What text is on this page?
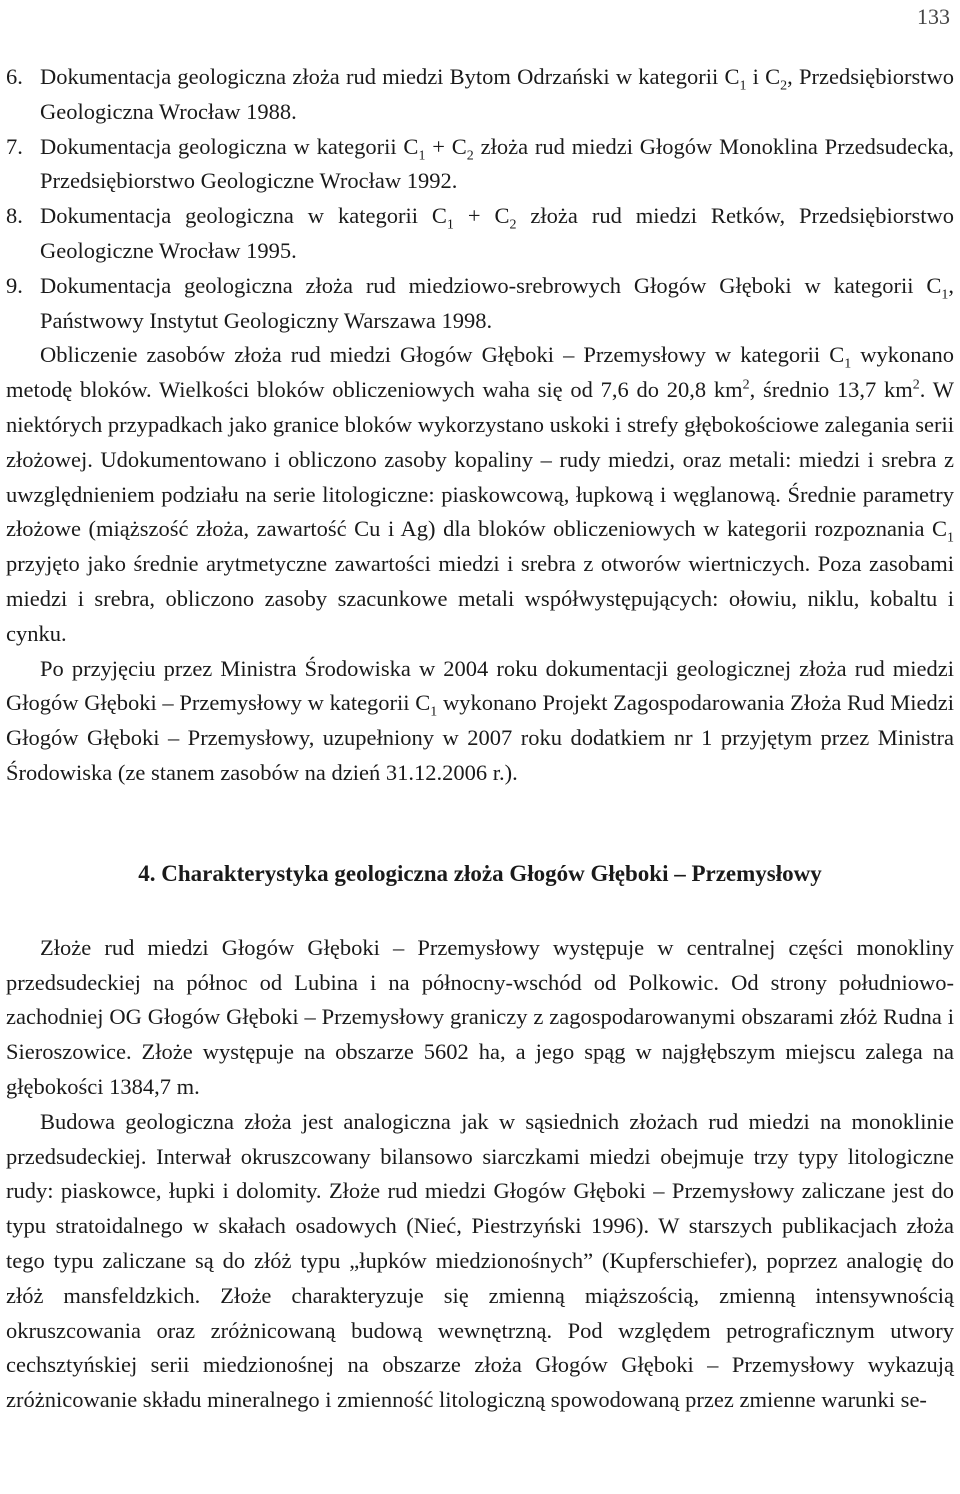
133

6. Dokumentacja geologiczna złoża rud miedzi Bytom Odrzański w kategorii $C_1$ i $C_2$, Przedsiębiorstwo Geologiczna Wrocław 1988.

7. Dokumentacja geologiczna w kategorii $C_1 + C_2$ złoża rud miedzi Głogów Monoklina Przedsudecka, Przedsiębiorstwo Geologiczne Wrocław 1992.

8. Dokumentacja geologiczna w kategorii $C_1 + C_2$ złoża rud miedzi Retków, Przedsiębiorstwo Geologiczne Wrocław 1995.

9. Dokumentacja geologiczna złoża rud miedziowo-srebrowych Głogów Głęboki w kategorii $C_1$, Państwowy Instytut Geologiczny Warszawa 1998.

Obliczenie zasobów złoża rud miedzi Głogów Głęboki – Przemysłowy w kategorii $C_1$ wykonano metodę bloków. Wielkości bloków obliczeniowych waha się od 7,6 do 20,8 $km^2$, średnio 13,7 $km^2$. W niektórych przypadkach jako granice bloków wykorzystano uskoki i strefy głębokościowe zalegania serii złożowej. Udokumentowano i obliczono zasoby kopaliny – rudy miedzi, oraz metali: miedzi i srebra z uwzględnieniem podziału na serie litologiczne: piaskowcową, łupkową i węglanową. Średnie parametry złożowe (miąższość złoża, zawartość Cu i Ag) dla bloków obliczeniowych w kategorii rozpoznania $C_1$ przyjęto jako średnie arytmetyczne zawartości miedzi i srebra z otworów wiertniczych. Poza zasobami miedzi i srebra, obliczono zasoby szacunkowe metali współwystępujących: ołowiu, niklu, kobaltu i cynku.

Po przyjęciu przez Ministra Środowiska w 2004 roku dokumentacji geologicznej złoża rud miedzi Głogów Głęboki – Przemysłowy w kategorii $C_1$ wykonano Projekt Zagospodarowania Złoża Rud Miedzi Głogów Głęboki – Przemysłowy, uzupełniony w 2007 roku dodatkiem nr 1 przyjętym przez Ministra Środowiska (ze stanem zasobów na dzień 31.12.2006 r.).

4. Charakterystyka geologiczna złoża Głogów Głęboki – Przemysłowy

Złoże rud miedzi Głogów Głęboki – Przemysłowy występuje w centralnej części monokliny przedsudeckiej na północ od Lubina i na północny-wschód od Polkowic. Od strony południowo-zachodniej OG Głogów Głęboki – Przemysłowy graniczy z zagospodarowanymi obszarami złóż Rudna i Sieroszowice. Złoże występuje na obszarze 5602 ha, a jego spąg w najgłębszym miejscu zalega na głębokości 1384,7 m.

Budowa geologiczna złoża jest analogiczna jak w sąsiednich złożach rud miedzi na monoklinie przedsudeckiej. Interwał okruszcowany bilansowo siarczkami miedzi obejmuje trzy typy litologiczne rudy: piaskowce, łupki i dolomity. Złoże rud miedzi Głogów Głęboki – Przemysłowy zaliczane jest do typu stratoidalnego w skałach osadowych (Nieć, Piestrzyński 1996). W starszych publikacjach złoża tego typu zaliczane są do złóż typu „łupków miedzionośnych” (Kupferschiefer), poprzez analogię do złóż mansfeldzkich. Złoże charakteryzuje się zmienną miąższością, zmienną intensywnością okruszcowania oraz zróżnicowaną budową wewnętrzną. Pod względem petrograficznym utwory cechsztyńskiej serii miedzionośnej na obszarze złoża Głogów Głęboki – Przemysłowy wykazują zróżnicowanie składu mineralnego i zmienność litologiczną spowodowaną przez zmienne warunki se-
